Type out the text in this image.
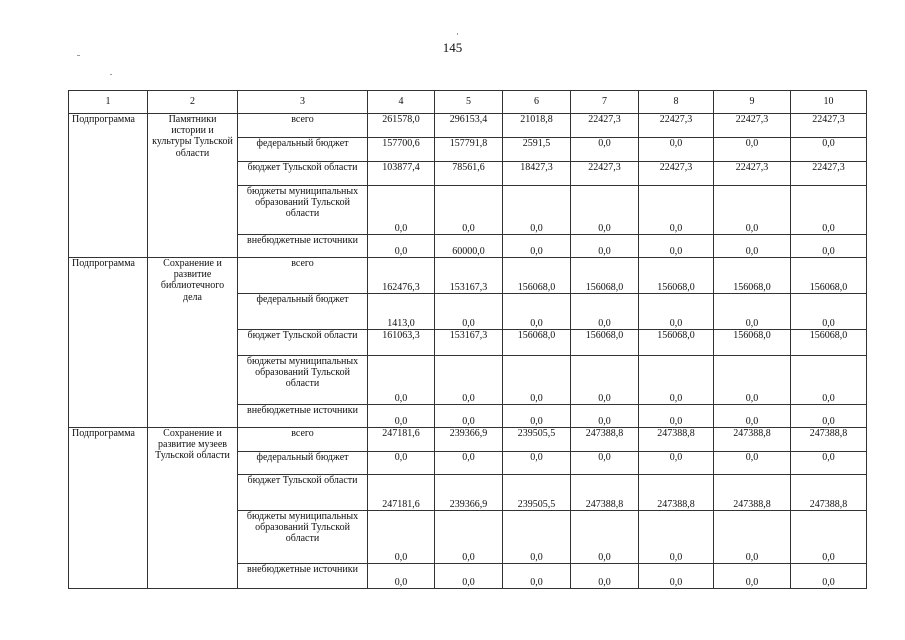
145
1	2	3	4	5	6	7	8	9	10
Подпрограмма	Памятники истории и культуры Тульской области	всего	261578,0	296153,4	21018,8	22427,3	22427,3	22427,3	22427,3
		федеральный бюджет	157700,6	157791,8	2591,5	0,0	0,0	0,0	0,0
		бюджет Тульской области	103877,4	78561,6	18427,3	22427,3	22427,3	22427,3	22427,3
		бюджеты муниципальных образований Тульской области	0,0	0,0	0,0	0,0	0,0	0,0	0,0
		внебюджетные источники	0,0	60000,0	0,0	0,0	0,0	0,0	0,0
Подпрограмма	Сохранение и развитие библиотечного дела	всего	162476,3	153167,3	156068,0	156068,0	156068,0	156068,0	156068,0
		федеральный бюджет	1413,0	0,0	0,0	0,0	0,0	0,0	0,0
		бюджет Тульской области	161063,3	153167,3	156068,0	156068,0	156068,0	156068,0	156068,0
		бюджеты муниципальных образований Тульской области	0,0	0,0	0,0	0,0	0,0	0,0	0,0
		внебюджетные источники	0,0	0,0	0,0	0,0	0,0	0,0	0,0
Подпрограмма	Сохранение и развитие музеев Тульской области	всего	247181,6	239366,9	239505,5	247388,8	247388,8	247388,8	247388,8
		федеральный бюджет	0,0	0,0	0,0	0,0	0,0	0,0	0,0
		бюджет Тульской области	247181,6	239366,9	239505,5	247388,8	247388,8	247388,8	247388,8
		бюджеты муниципальных образований Тульской области	0,0	0,0	0,0	0,0	0,0	0,0	0,0
		внебюджетные источники	0,0	0,0	0,0	0,0	0,0	0,0	0,0
